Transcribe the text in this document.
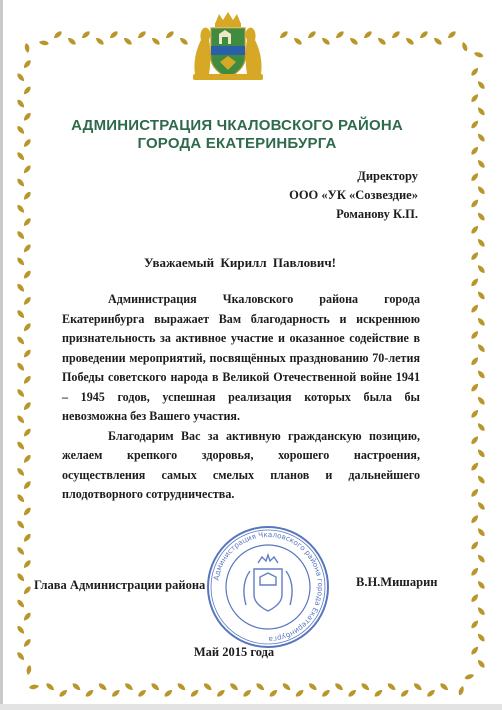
АДМИНИСТРАЦИЯ ЧКАЛОВСКОГО РАЙОНА
ГОРОДА ЕКАТЕРИНБУРГА
Директору
ООО «УК «Созвездие»
Романову К.П.
Уважаемый Кирилл Павлович!

Администрация Чкаловского района города Екатеринбурга выражает Вам благодарность и искреннюю признательность за активное участие и оказанное содействие в проведении мероприятий, посвящённых празднованию 70-летия Победы советского народа в Великой Отечественной войне 1941 – 1945 годов, успешная реализация которых была бы невозможна без Вашего участия.

Благодарим Вас за активную гражданскую позицию, желаем крепкого здоровья, хорошего настроения, осуществления самых смелых планов и дальнейшего плодотворного сотрудничества.

Администрация Чкаловского района города Екатеринбурга
Глава Администрации района	В.Н.Мишарин
Май 2015 года
